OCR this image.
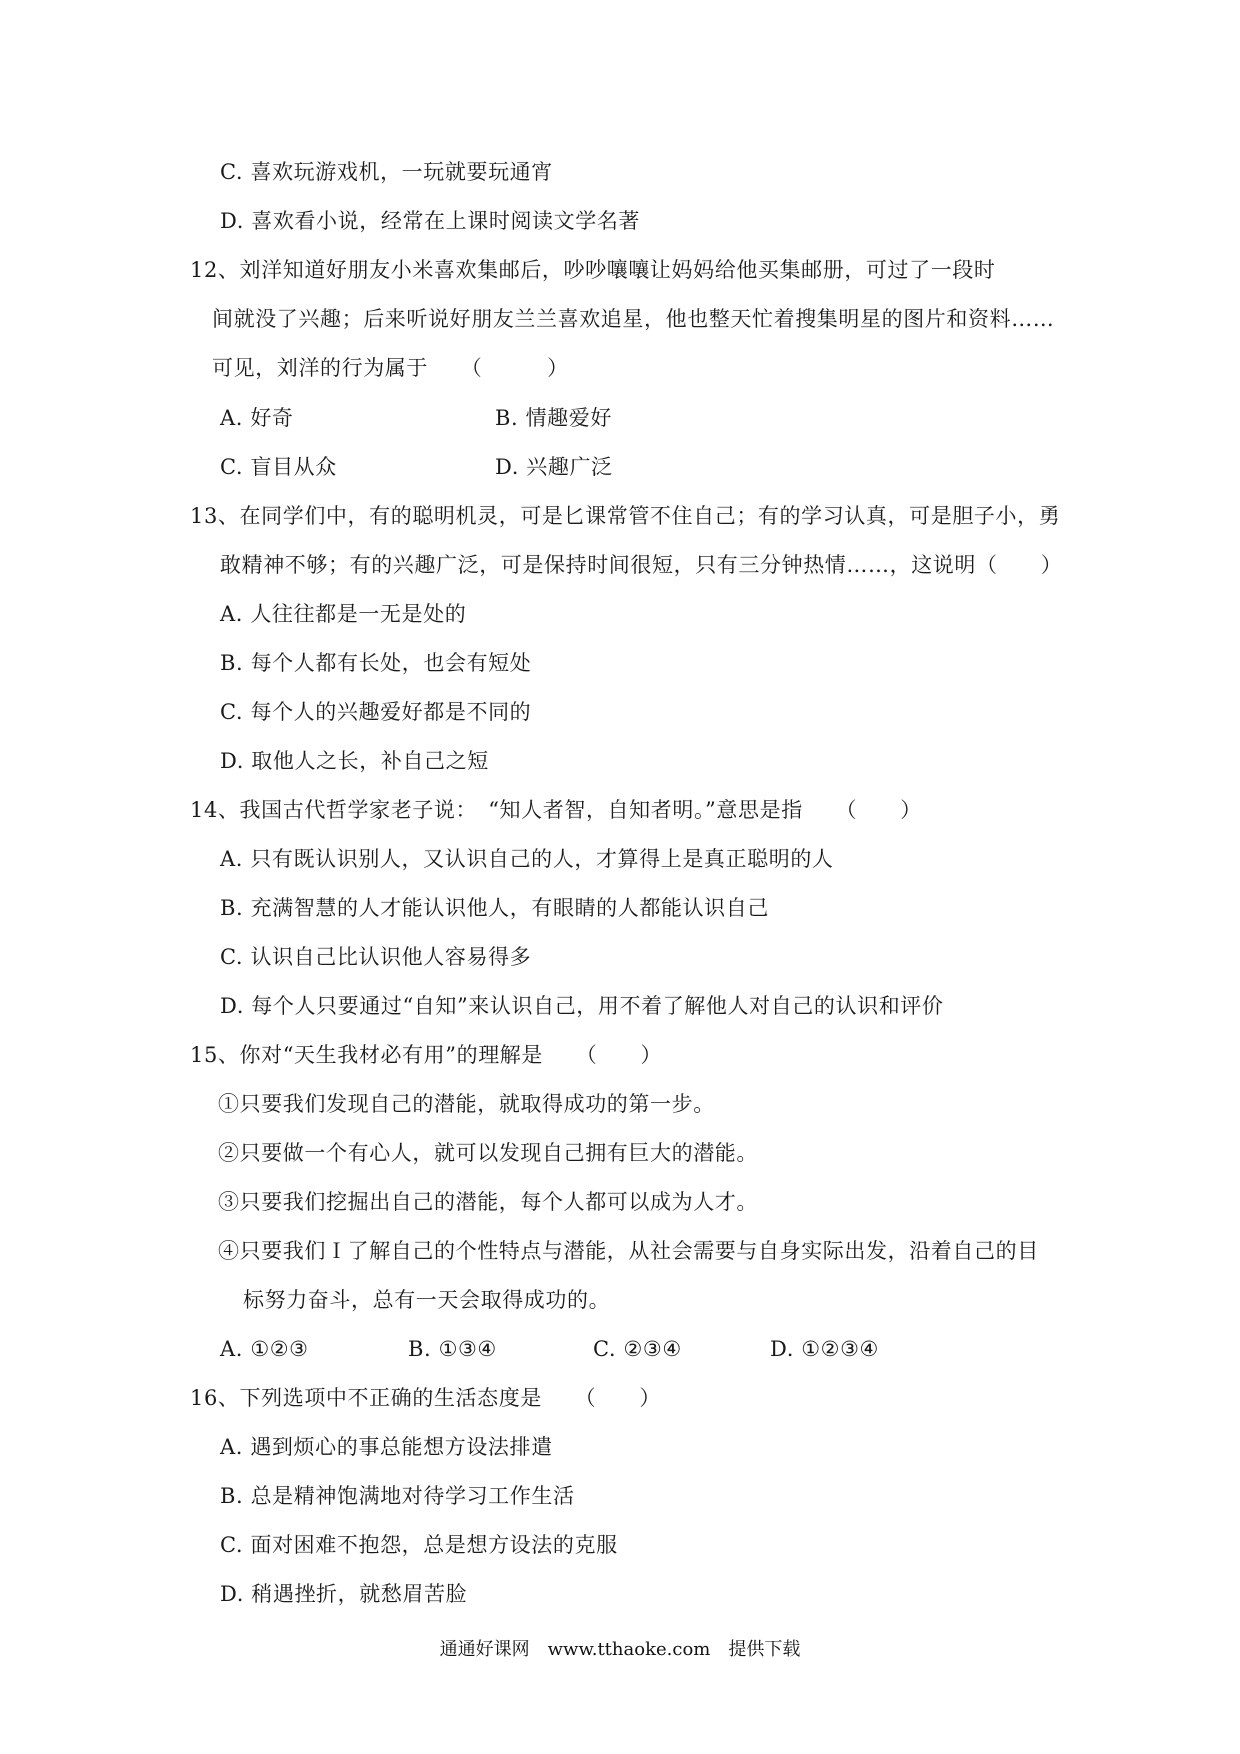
C. 喜欢玩游戏机，一玩就要玩通宵
D. 喜欢看小说，经常在上课时阅读文学名著
12、刘洋知道好朋友小米喜欢集邮后，吵吵嚷嚷让妈妈给他买集邮册，可过了一段时
间就没了兴趣；后来听说好朋友兰兰喜欢追星，他也整天忙着搜集明星的图片和资料……
可见，刘洋的行为属于　　（　　　）
A. 好奇	B. 情趣爱好
C. 盲目从众	D. 兴趣广泛
13、在同学们中，有的聪明机灵，可是匕课常管不住自己；有的学习认真，可是胆子小，勇
敢精神不够；有的兴趣广泛，可是保持时间很短，只有三分钟热情……，这说明（　　）
A. 人往往都是一无是处的
B. 每个人都有长处，也会有短处
C. 每个人的兴趣爱好都是不同的
D. 取他人之长，补自己之短
14、我国古代哲学家老子说：　“知人者智，自知者明。”意思是指　　（　　）
A. 只有既认识别人，又认识自己的人，才算得上是真正聪明的人
B. 充满智慧的人才能认识他人，有眼睛的人都能认识自己
C. 认识自己比认识他人容易得多
D. 每个人只要通过“自知”来认识自己，用不着了解他人对自己的认识和评价
15、你对“天生我材必有用”的理解是　　（　　）
①只要我们发现自己的潜能，就取得成功的第一步。
②只要做一个有心人，就可以发现自己拥有巨大的潜能。
③只要我们挖掘出自己的潜能，每个人都可以成为人才。
④只要我们Ｉ了解自己的个性特点与潜能，从社会需要与自身实际出发，沿着自己的目
标努力奋斗，总有一天会取得成功的。
A. ①②③	B. ①③④	C. ②③④	D. ①②③④
16、下列选项中不正确的生活态度是　　（　　）
A. 遇到烦心的事总能想方设法排遣
B. 总是精神饱满地对待学习工作生活
C. 面对困难不抱怨，总是想方设法的克服
D. 稍遇挫折，就愁眉苦脸
通通好课网　www.tthaoke.com　提供下载
